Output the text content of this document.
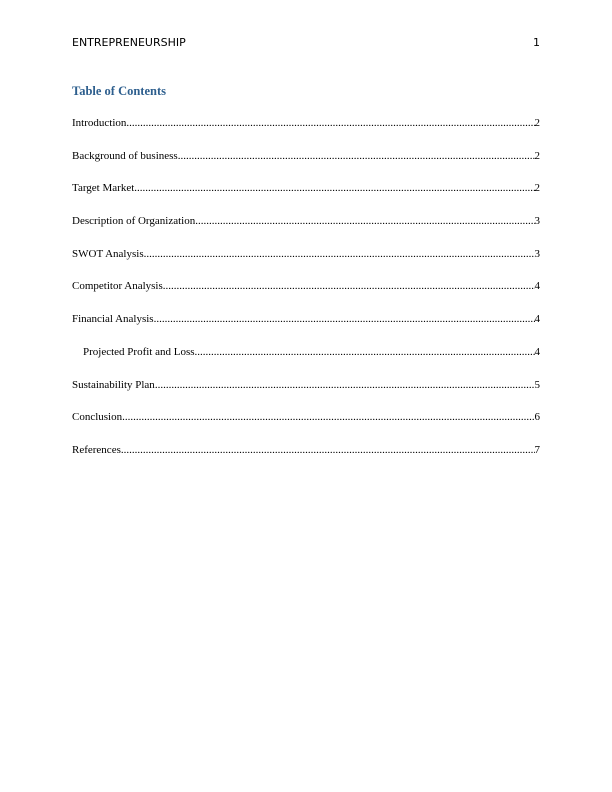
ENTREPRENEURSHIP	1
Table of Contents
Introduction .....	2
Background of business .....	2
Target Market .....	2
Description of Organization .....	3
SWOT Analysis .....	3
Competitor Analysis .....	4
Financial Analysis .....	4
Projected Profit and Loss .....	4
Sustainability Plan .....	5
Conclusion .....	6
References .....	7
